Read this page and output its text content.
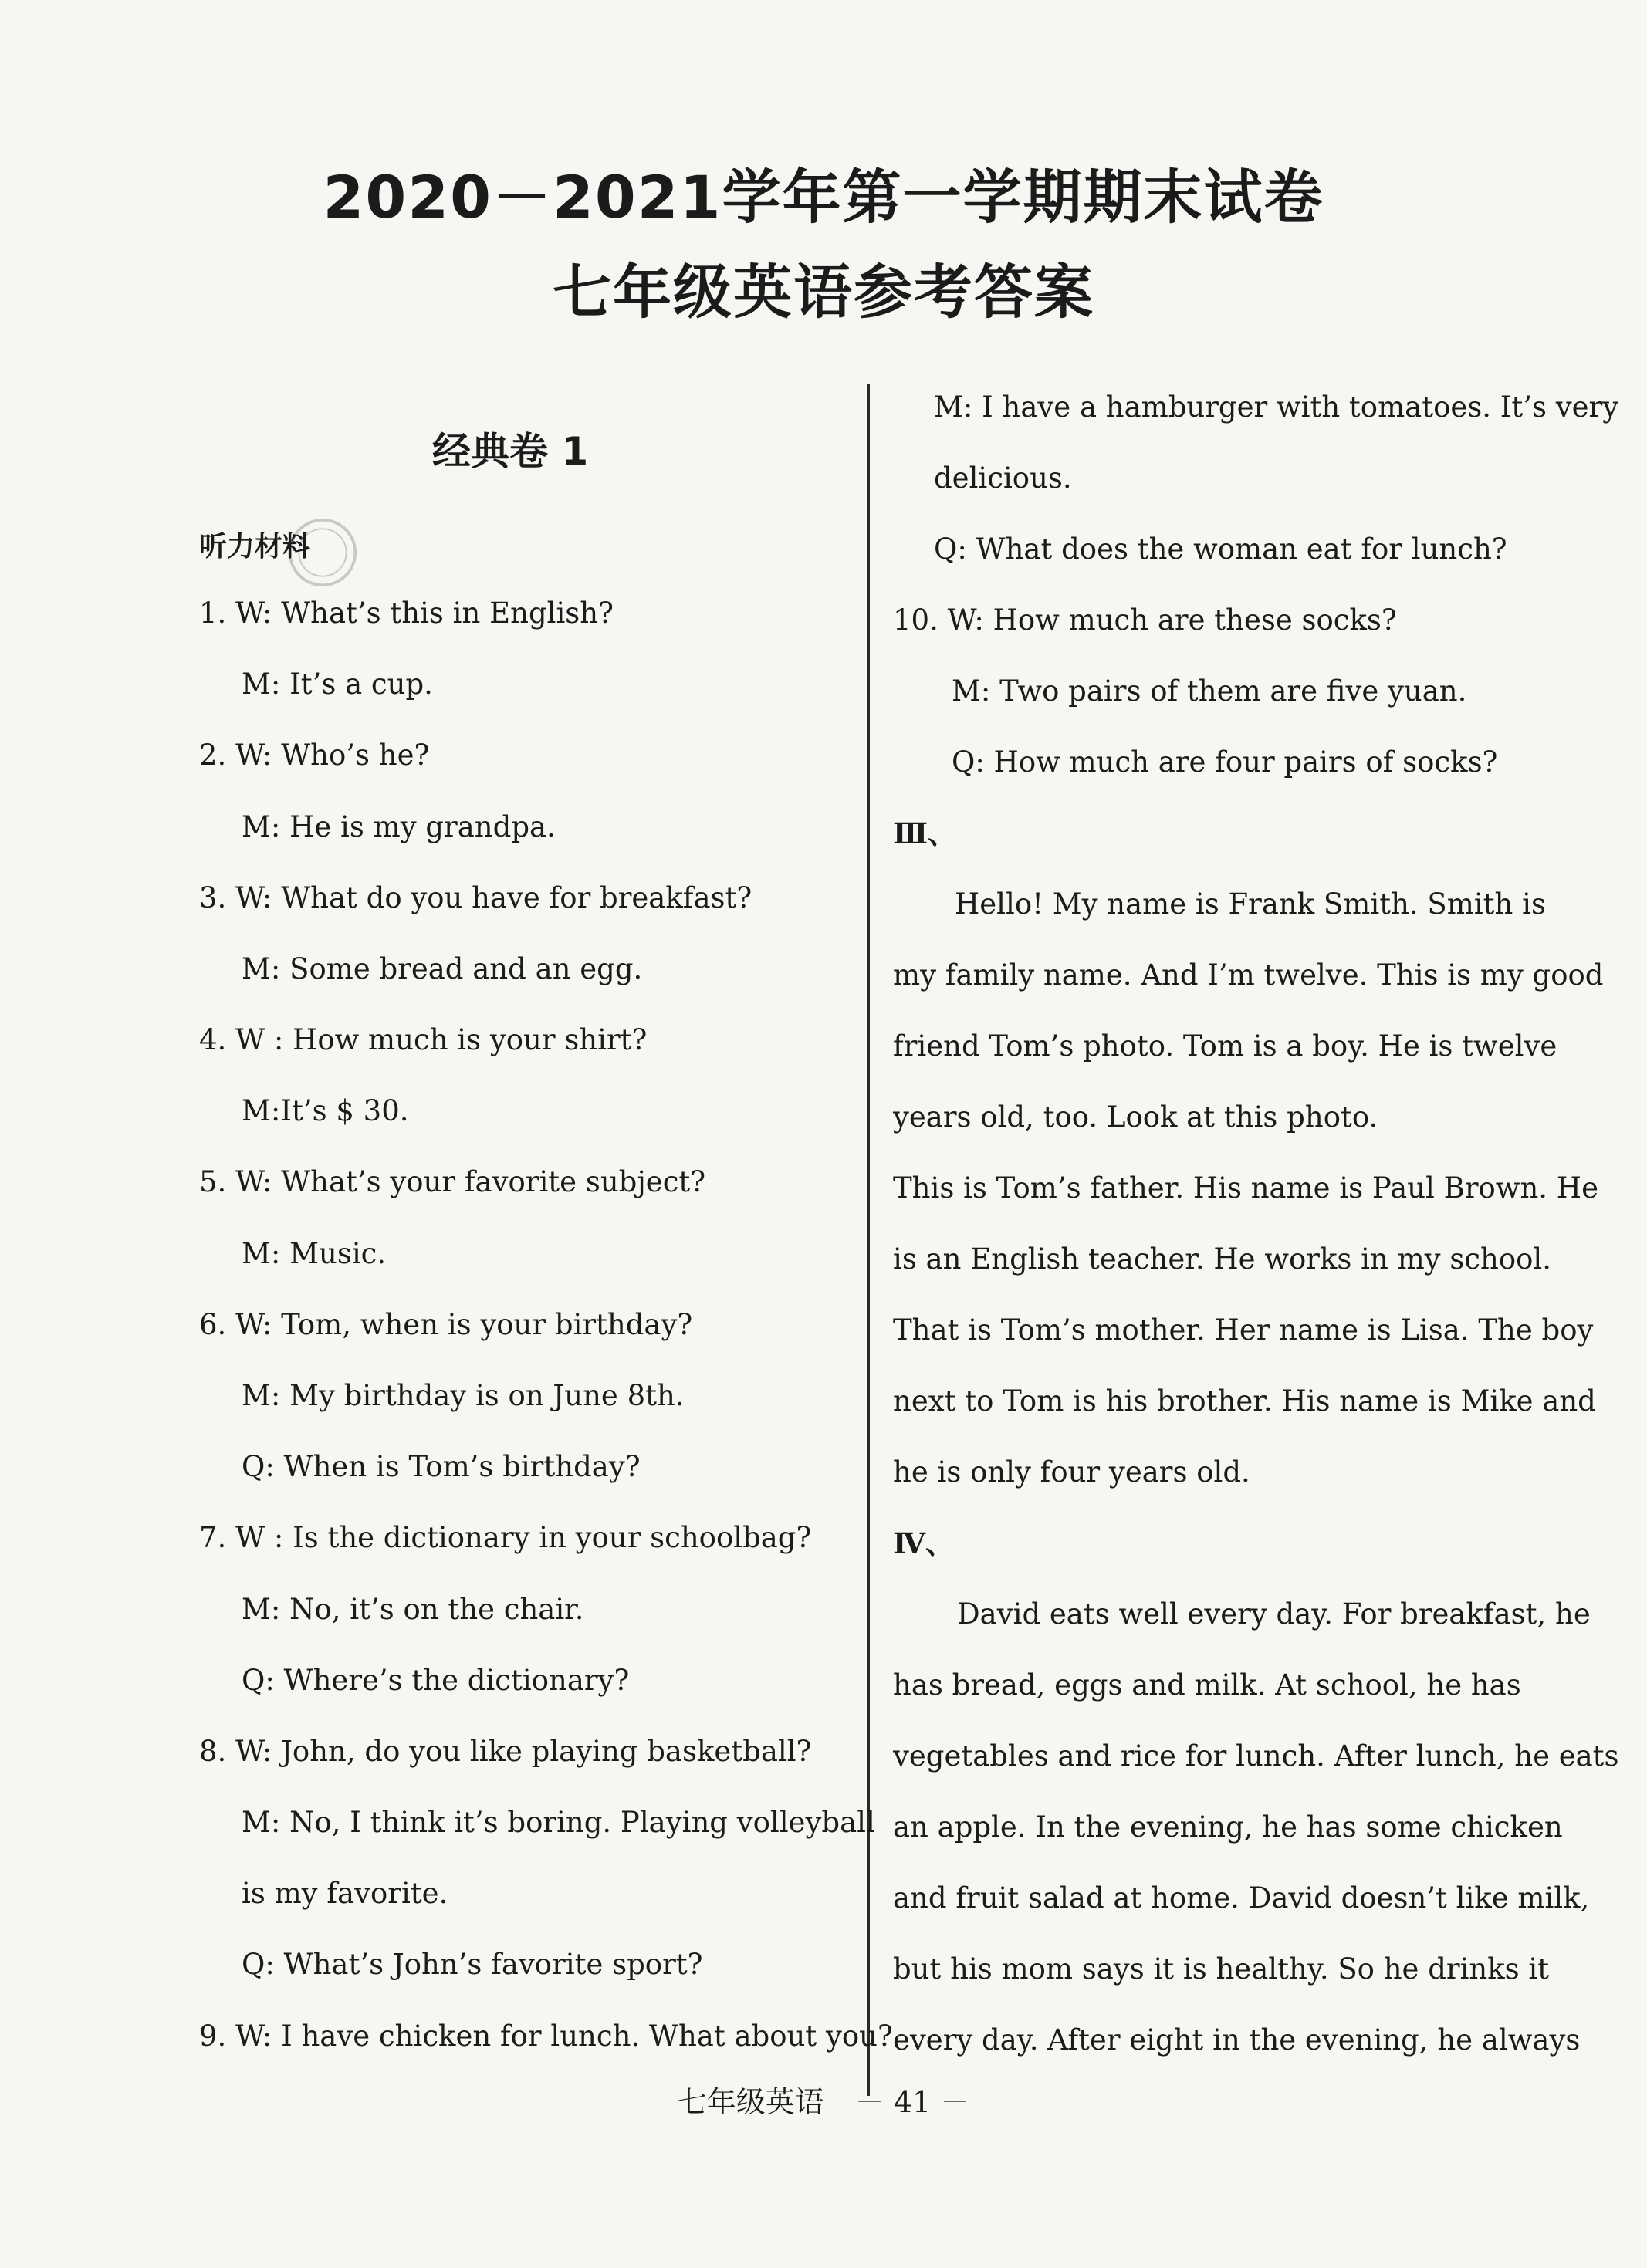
2020－2021学年第一学期期末试卷
七年级英语参考答案
经典卷 1
听力材料
1. W: What’s this in English?
M: It’s a cup.
2. W: Who’s he?
M: He is my grandpa.
3. W: What do you have for breakfast?
M: Some bread and an egg.
4. W : How much is your shirt?
M:It’s $ 30.
5. W: What’s your favorite subject?
M: Music.
6. W: Tom, when is your birthday?
M: My birthday is on June 8th.
Q: When is Tom’s birthday?
7. W : Is the dictionary in your schoolbag?
M: No, it’s on the chair.
Q: Where’s the dictionary?
8. W: John, do you like playing basketball?
M: No, I think it’s boring. Playing volleyball
is my favorite.
Q: What’s John’s favorite sport?
9. W: I have chicken for lunch. What about you?
M: I have a hamburger with tomatoes. It’s very
delicious.
Q: What does the woman eat for lunch?
10. W: How much are these socks?
M: Two pairs of them are five yuan.
Q: How much are four pairs of socks?
Ⅲ、
Hello! My name is Frank Smith. Smith is
my family name. And I’m twelve. This is my good
friend Tom’s photo. Tom is a boy. He is twelve
years old, too. Look at this photo.
This is Tom’s father. His name is Paul Brown. He
is an English teacher. He works in my school.
That is Tom’s mother. Her name is Lisa. The boy
next to Tom is his brother. His name is Mike and
he is only four years old.
Ⅳ、
David eats well every day. For breakfast, he
has bread, eggs and milk. At school, he has
vegetables and rice for lunch. After lunch, he eats
an apple. In the evening, he has some chicken
and fruit salad at home. David doesn’t like milk,
but his mom says it is healthy. So he drinks it
every day. After eight in the evening, he always
七年级英语 － 41 －
